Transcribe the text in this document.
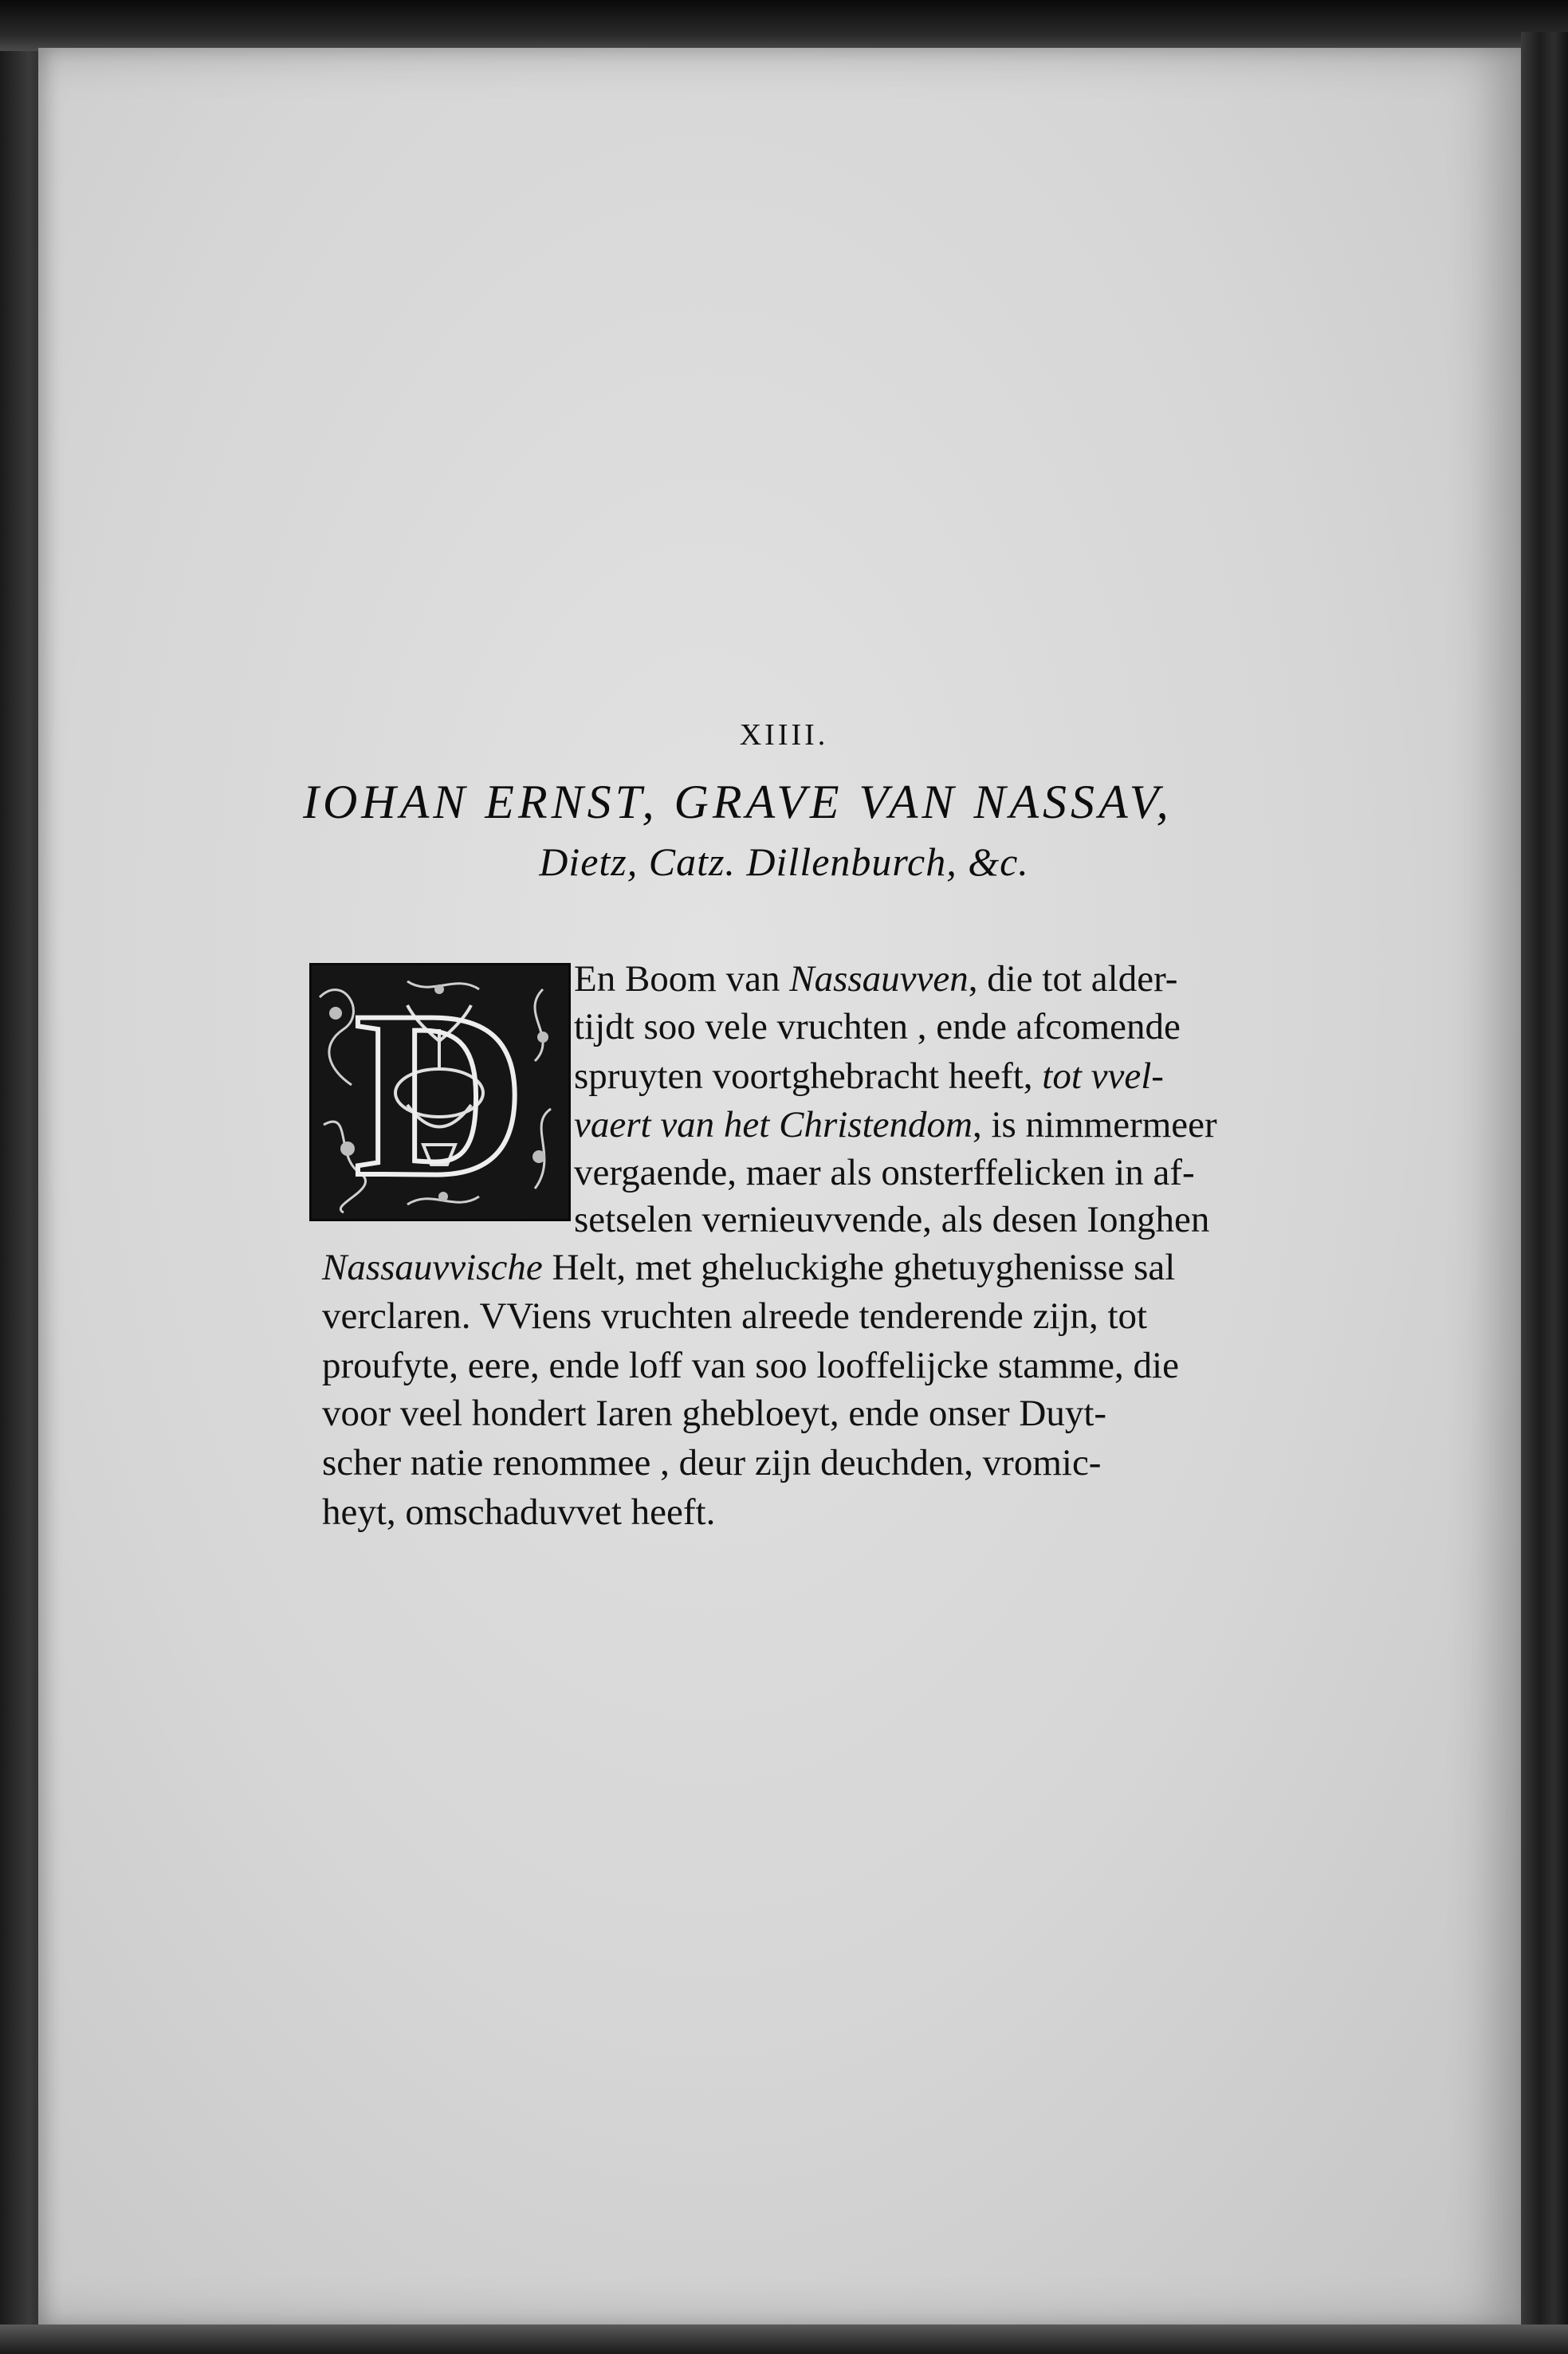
XIIII.
IOHAN ERNST, GRAVE VAN NASSAV,
Dietz, Catz. Dillenburch, &c.
D En Boom van Nassauvven, die tot alder-
tijdt soo vele vruchten , ende afcomende
spruyten voortghebracht heeft, tot vvel-
vaert van het Christendom, is nimmermeer
vergaende, maer als onsterffelicken in af-
setselen vernieuvvende, als desen Ionghen
Nassauvvische Helt, met gheluckighe ghetuyghenisse sal
verclaren. VViens vruchten alreede tenderende zijn, tot
proufyte, eere, ende loff van soo looffelijcke stamme, die
voor veel hondert Iaren ghebloeyt, ende onser Duyt-
scher natie renommee , deur zijn deuchden, vromic-
heyt, omschaduvvet heeft.
